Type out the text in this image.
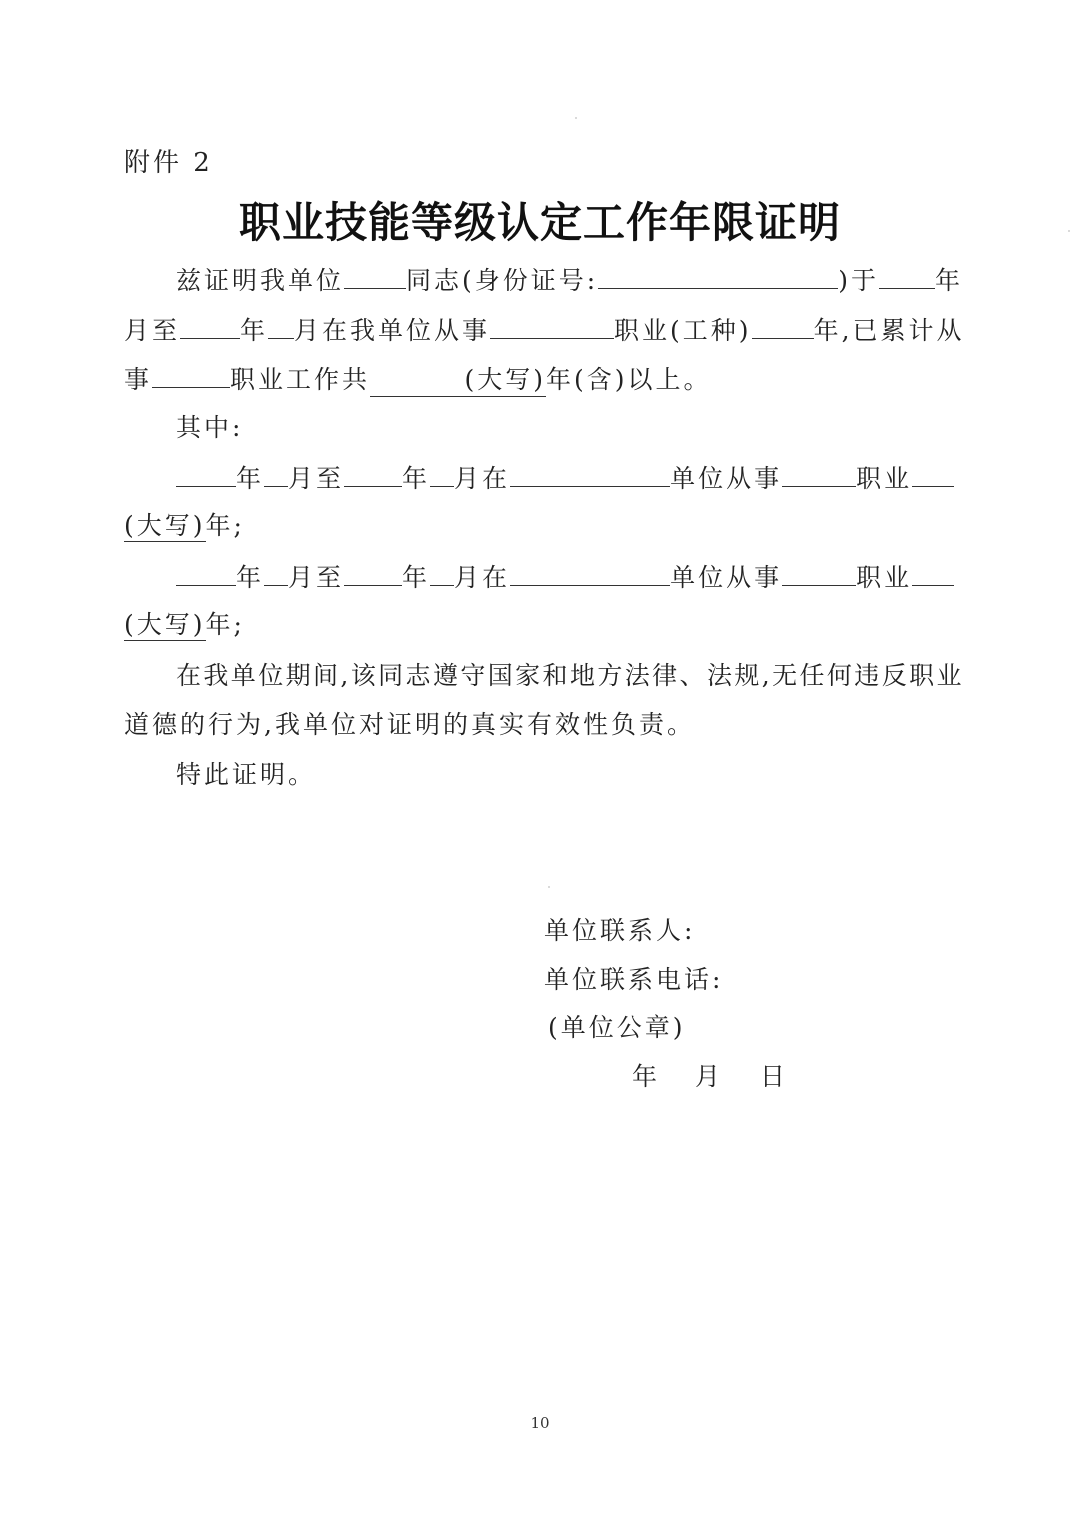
附件 2
职业技能等级认定工作年限证明
兹证明我单位 同志(身份证号:	)于 年
月至 年 月在我单位从事	职业(工种) 年,已累计从
事	职业工作共	(大写)年(含)以上。
其中:
年 月至 年 月在	单位从事	职业
(大写)年;
年 月至 年 月在	单位从事	职业
(大写)年;
在我单位期间,该同志遵守国家和地方法律、法规,无任何违反职业
道德的行为,我单位对证明的真实有效性负责。
特此证明。
单位联系人:
单位联系电话:
(单位公章)
年 月 日
10
